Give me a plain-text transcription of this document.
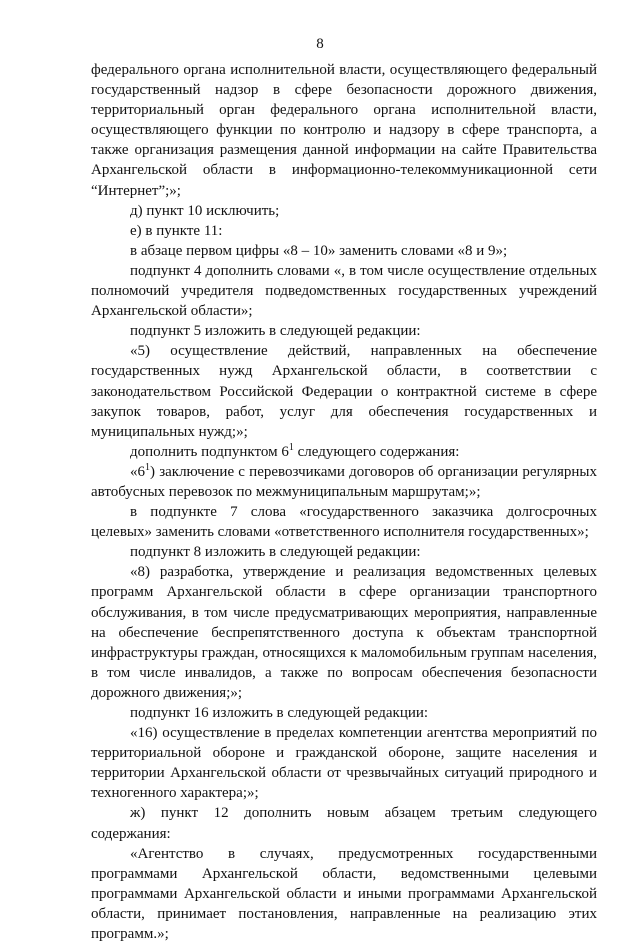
8

федерального органа исполнительной власти, осуществляющего федеральный государственный надзор в сфере безопасности дорожного движения, территориальный орган федерального органа исполнительной власти, осуществляющего функции по контролю и надзору в сфере транспорта, а также организация размещения данной информации на сайте Правительства Архангельской области в информационно-телекоммуникационной сети “Интернет”;»;

д) пункт 10 исключить;

е) в пункте 11:

в абзаце первом цифры «8 – 10» заменить словами «8 и 9»;

подпункт 4 дополнить словами «, в том числе осуществление отдельных полномочий учредителя подведомственных государственных учреждений Архангельской области»;

подпункт 5 изложить в следующей редакции:

«5) осуществление действий, направленных на обеспечение государственных нужд Архангельской области, в соответствии с законодательством Российской Федерации о контрактной системе в сфере закупок товаров, работ, услуг для обеспечения государственных и муниципальных нужд;»;

дополнить подпунктом $6^1$ следующего содержания:

«$6^1$) заключение с перевозчиками договоров об организации регулярных автобусных перевозок по межмуниципальным маршрутам;»;

в подпункте 7 слова «государственного заказчика долгосрочных целевых» заменить словами «ответственного исполнителя государственных»;

подпункт 8 изложить в следующей редакции:

«8) разработка, утверждение и реализация ведомственных целевых программ Архангельской области в сфере организации транспортного обслуживания, в том числе предусматривающих мероприятия, направленные на обеспечение беспрепятственного доступа к объектам транспортной инфраструктуры граждан, относящихся к маломобильным группам населения, в том числе инвалидов, а также по вопросам обеспечения безопасности дорожного движения;»;

подпункт 16 изложить в следующей редакции:

«16) осуществление в пределах компетенции агентства мероприятий по территориальной обороне и гражданской обороне, защите населения и территории Архангельской области от чрезвычайных ситуаций природного и техногенного характера;»;

ж) пункт 12 дополнить новым абзацем третьим следующего содержания:

«Агентство в случаях, предусмотренных государственными программами Архангельской области, ведомственными целевыми программами Архангельской области и иными программами Архангельской области, принимает постановления, направленные на реализацию этих программ.»;
